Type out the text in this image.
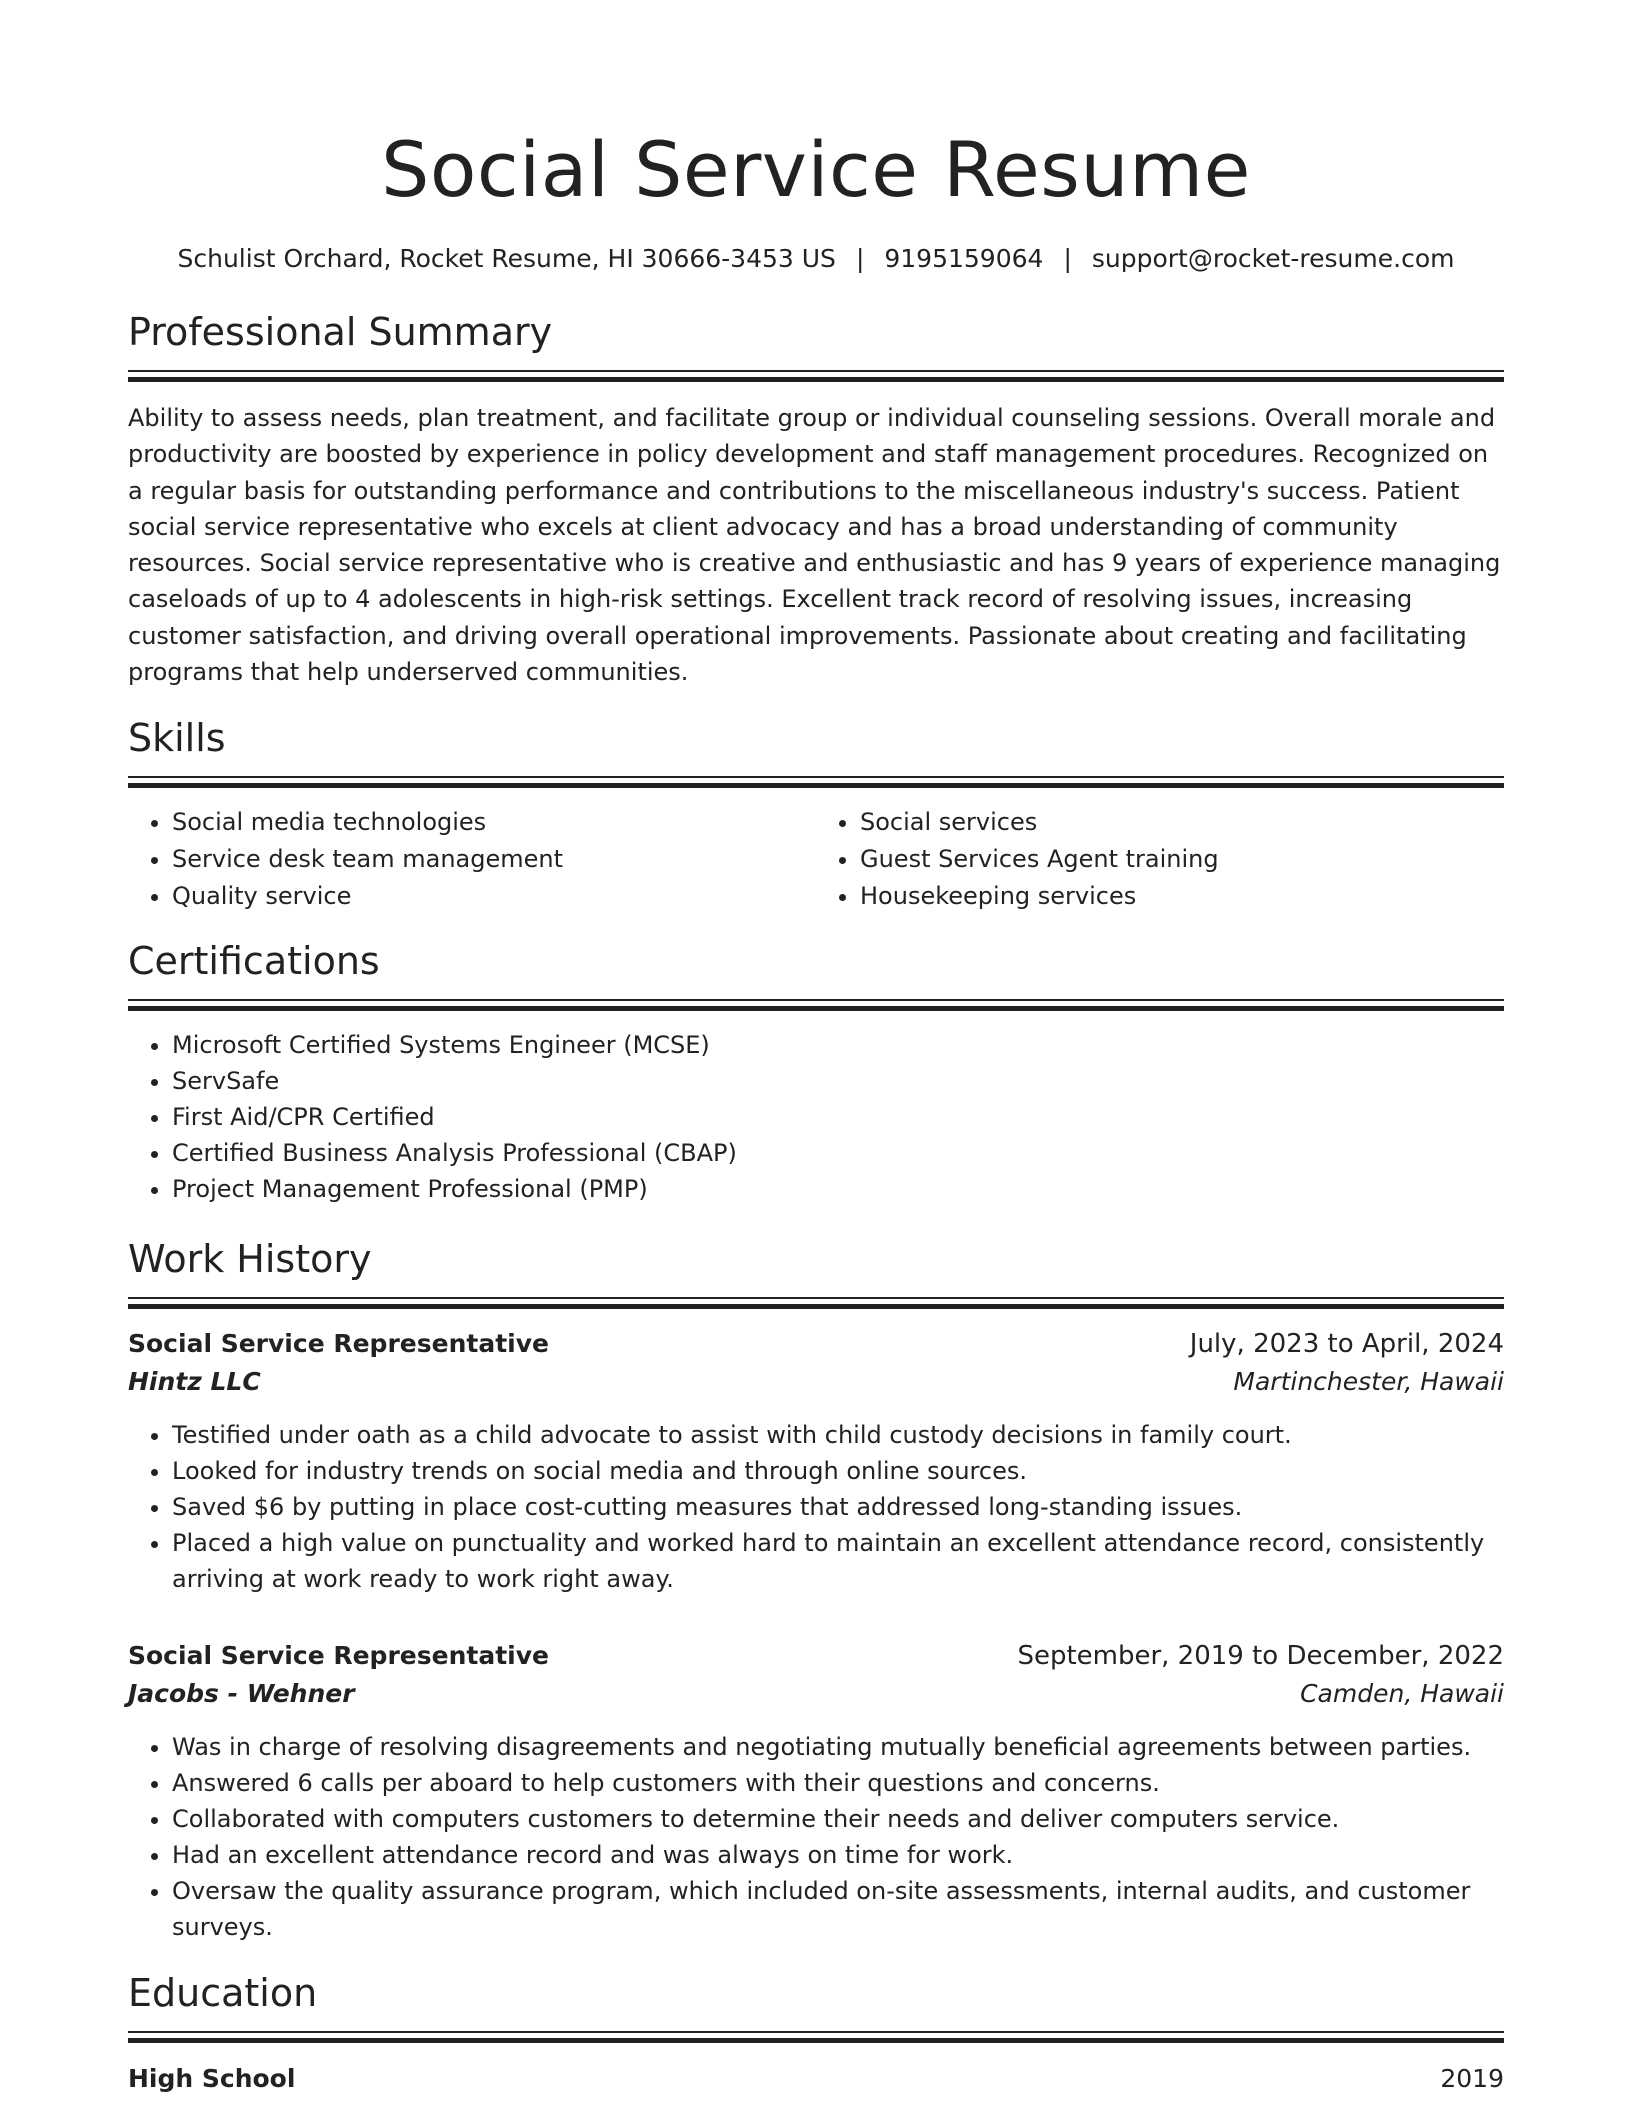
Social Service Resume
Schulist Orchard, Rocket Resume, HI 30666-3453 US | 9195159064 | support@rocket-resume.com
Professional Summary
Ability to assess needs, plan treatment, and facilitate group or individual counseling sessions. Overall morale and productivity are boosted by experience in policy development and staff management procedures. Recognized on a regular basis for outstanding performance and contributions to the miscellaneous industry's success. Patient social service representative who excels at client advocacy and has a broad understanding of community resources. Social service representative who is creative and enthusiastic and has 9 years of experience managing caseloads of up to 4 adolescents in high-risk settings. Excellent track record of resolving issues, increasing customer satisfaction, and driving overall operational improvements. Passionate about creating and facilitating programs that help underserved communities.
Skills
• Social media technologies
• Service desk team management
• Quality service
• Social services
• Guest Services Agent training
• Housekeeping services
Certifications
• Microsoft Certified Systems Engineer (MCSE)
• ServSafe
• First Aid/CPR Certified
• Certified Business Analysis Professional (CBAP)
• Project Management Professional (PMP)
Work History
Social Service Representative	July, 2023 to April, 2024
Hintz LLC	Martinchester, Hawaii
• Testified under oath as a child advocate to assist with child custody decisions in family court.
• Looked for industry trends on social media and through online sources.
• Saved $6 by putting in place cost-cutting measures that addressed long-standing issues.
• Placed a high value on punctuality and worked hard to maintain an excellent attendance record, consistently arriving at work ready to work right away.
Social Service Representative	September, 2019 to December, 2022
Jacobs - Wehner	Camden, Hawaii
• Was in charge of resolving disagreements and negotiating mutually beneficial agreements between parties.
• Answered 6 calls per aboard to help customers with their questions and concerns.
• Collaborated with computers customers to determine their needs and deliver computers service.
• Had an excellent attendance record and was always on time for work.
• Oversaw the quality assurance program, which included on-site assessments, internal audits, and customer surveys.
Education
High School	2019
